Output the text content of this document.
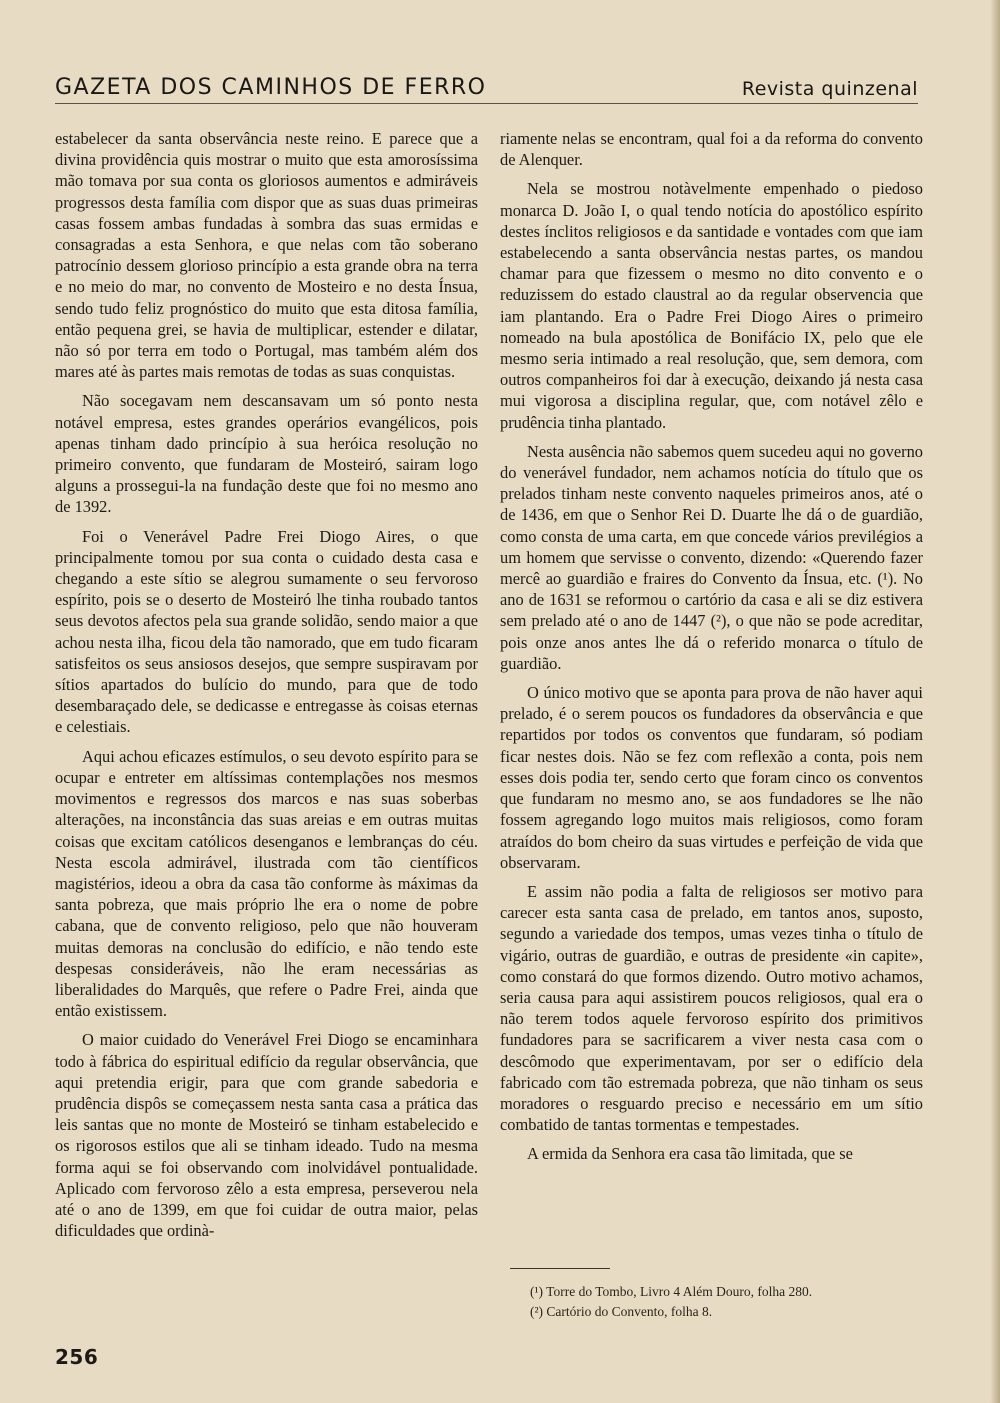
GAZETA DOS CAMINHOS DE FERRO	Revista quinzenal

estabelecer da santa observância neste reino. E parece que a divina providência quis mostrar o muito que esta amorosíssima mão tomava por sua conta os gloriosos aumentos e admiráveis progressos desta família com dispor que as suas duas primeiras casas fossem ambas fundadas à sombra das suas ermidas e consagradas a esta Senhora, e que nelas com tão soberano patrocínio dessem glorioso princípio a esta grande obra na terra e no meio do mar, no convento de Mosteiro e no desta Ínsua, sendo tudo feliz prognóstico do muito que esta ditosa família, então pequena grei, se havia de multiplicar, estender e dilatar, não só por terra em todo o Portugal, mas também além dos mares até às partes mais remotas de todas as suas conquistas.

Não socegavam nem descansavam um só ponto nesta notável empresa, estes grandes operários evangélicos, pois apenas tinham dado princípio à sua heróica resolução no primeiro convento, que fundaram de Mosteiró, sairam logo alguns a prossegui-la na fundação deste que foi no mesmo ano de 1392.

Foi o Venerável Padre Frei Diogo Aires, o que principalmente tomou por sua conta o cuidado desta casa e chegando a este sítio se alegrou sumamente o seu fervoroso espírito, pois se o deserto de Mosteiró lhe tinha roubado tantos seus devotos afectos pela sua grande solidão, sendo maior a que achou nesta ilha, ficou dela tão namorado, que em tudo ficaram satisfeitos os seus ansiosos desejos, que sempre suspiravam por sítios apartados do bulício do mundo, para que de todo desembaraçado dele, se dedicasse e entregasse às coisas eternas e celestiais.

Aqui achou eficazes estímulos, o seu devoto espírito para se ocupar e entreter em altíssimas contemplações nos mesmos movimentos e regressos dos marcos e nas suas soberbas alterações, na inconstância das suas areias e em outras muitas coisas que excitam católicos desenganos e lembranças do céu. Nesta escola admirável, ilustrada com tão científicos magistérios, ideou a obra da casa tão conforme às máximas da santa pobreza, que mais próprio lhe era o nome de pobre cabana, que de convento religioso, pelo que não houveram muitas demoras na conclusão do edifício, e não tendo este despesas consideráveis, não lhe eram necessárias as liberalidades do Marquês, que refere o Padre Frei, ainda que então existissem.

O maior cuidado do Venerável Frei Diogo se encaminhara todo à fábrica do espiritual edifício da regular observância, que aqui pretendia erigir, para que com grande sabedoria e prudência dispôs se começassem nesta santa casa a prática das leis santas que no monte de Mosteiró se tinham estabelecido e os rigorosos estilos que ali se tinham ideado. Tudo na mesma forma aqui se foi observando com inolvidável pontualidade. Aplicado com fervoroso zêlo a esta empresa, perseverou nela até o ano de 1399, em que foi cuidar de outra maior, pelas dificuldades que ordinà-

riamente nelas se encontram, qual foi a da reforma do convento de Alenquer.

Nela se mostrou notàvelmente empenhado o piedoso monarca D. João I, o qual tendo notícia do apostólico espírito destes ínclitos religiosos e da santidade e vontades com que iam estabelecendo a santa observância nestas partes, os mandou chamar para que fizessem o mesmo no dito convento e o reduzissem do estado claustral ao da regular observencia que iam plantando. Era o Padre Frei Diogo Aires o primeiro nomeado na bula apostólica de Bonifácio IX, pelo que ele mesmo seria intimado a real resolução, que, sem demora, com outros companheiros foi dar à execução, deixando já nesta casa mui vigorosa a disciplina regular, que, com notável zêlo e prudência tinha plantado.

Nesta ausência não sabemos quem sucedeu aqui no governo do venerável fundador, nem achamos notícia do título que os prelados tinham neste convento naqueles primeiros anos, até o de 1436, em que o Senhor Rei D. Duarte lhe dá o de guardião, como consta de uma carta, em que concede vários previlégios a um homem que servisse o convento, dizendo: «Querendo fazer mercê ao guardião e fraires do Convento da Ínsua, etc. (¹). No ano de 1631 se reformou o cartório da casa e ali se diz estivera sem prelado até o ano de 1447 (²), o que não se pode acreditar, pois onze anos antes lhe dá o referido monarca o título de guardião.

O único motivo que se aponta para prova de não haver aqui prelado, é o serem poucos os fundadores da observância e que repartidos por todos os conventos que fundaram, só podiam ficar nestes dois. Não se fez com reflexão a conta, pois nem esses dois podia ter, sendo certo que foram cinco os conventos que fundaram no mesmo ano, se aos fundadores se lhe não fossem agregando logo muitos mais religiosos, como foram atraídos do bom cheiro da suas virtudes e perfeição de vida que observaram.

E assim não podia a falta de religiosos ser motivo para carecer esta santa casa de prelado, em tantos anos, suposto, segundo a variedade dos tempos, umas vezes tinha o título de vigário, outras de guardião, e outras de presidente «in capite», como constará do que formos dizendo. Outro motivo achamos, seria causa para aqui assistirem poucos religiosos, qual era o não terem todos aquele fervoroso espírito dos primitivos fundadores para se sacrificarem a viver nesta casa com o descômodo que experimentavam, por ser o edifício dela fabricado com tão estremada pobreza, que não tinham os seus moradores o resguardo preciso e necessário em um sítio combatido de tantas tormentas e tempestades.

A ermida da Senhora era casa tão limitada, que se

(¹) Torre do Tombo, Livro 4 Além Douro, folha 280.
(²) Cartório do Convento, folha 8.
256
